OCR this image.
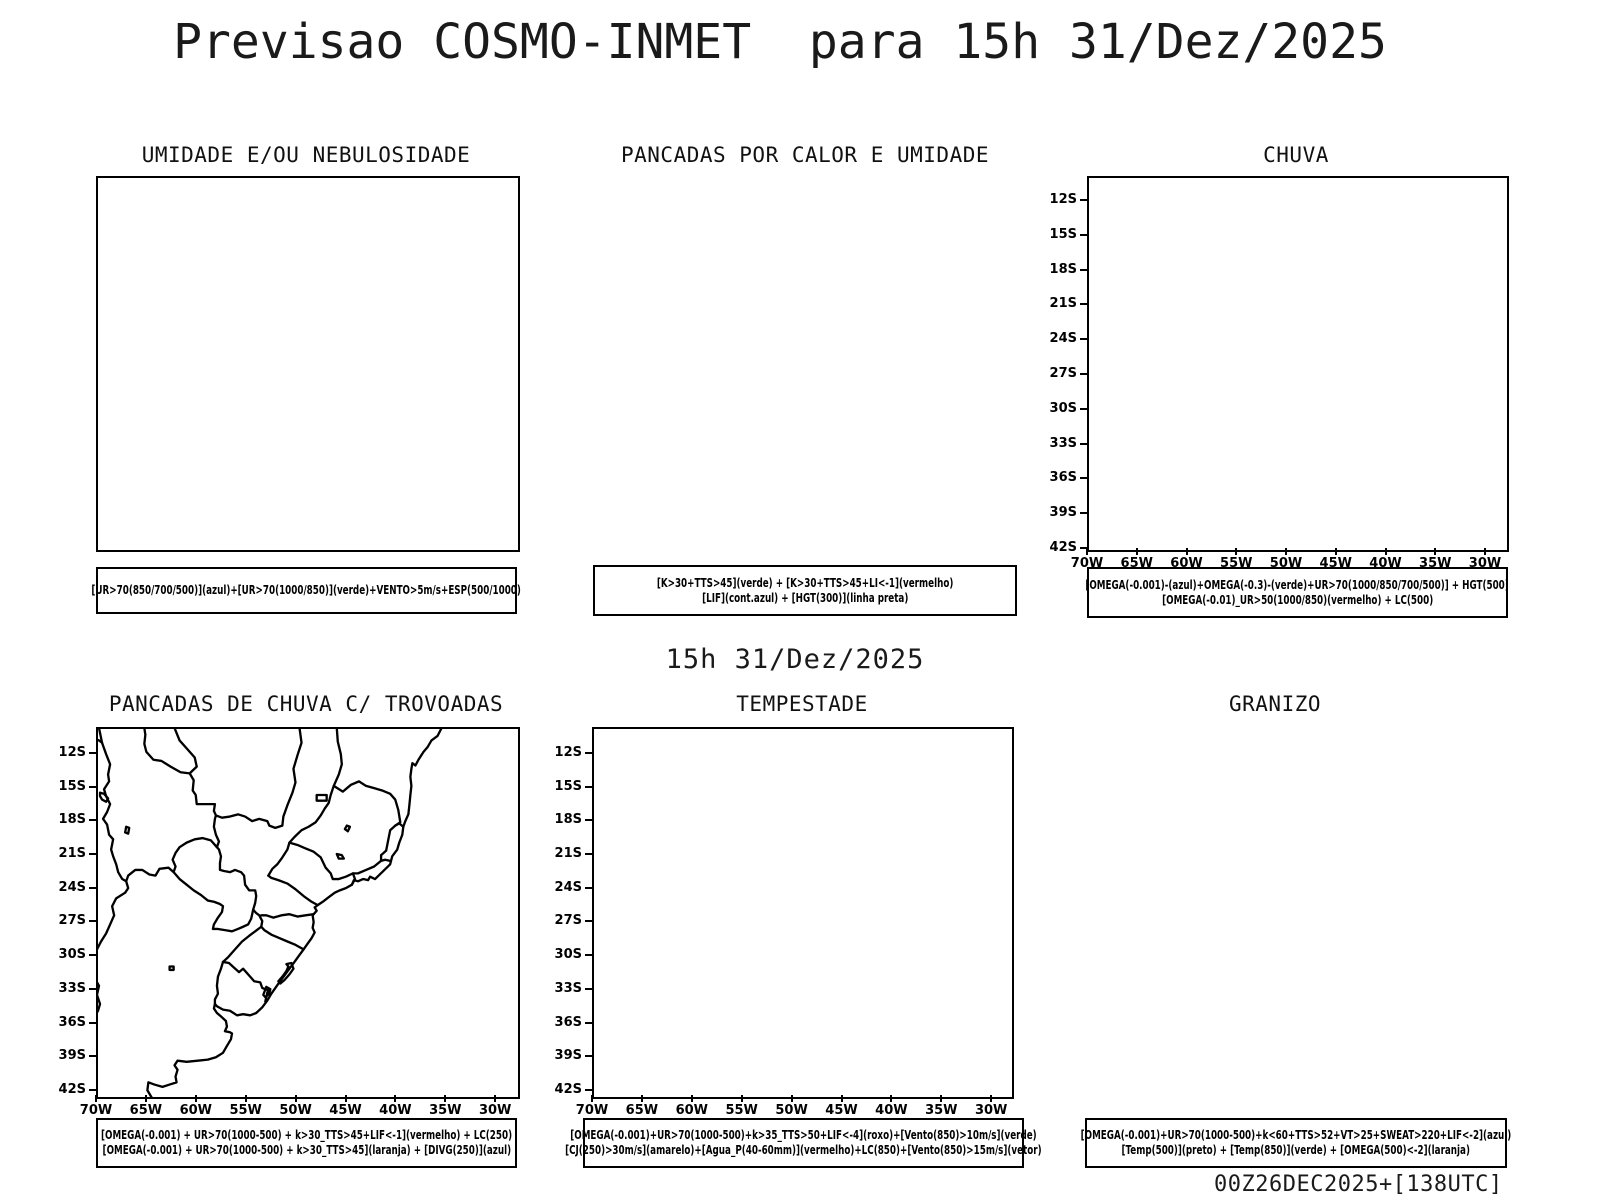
Previsao COSMO-INMET  para 15h 31/Dez/2025
UMIDADE E/OU NEBULOSIDADE	PANCADAS POR CALOR E UMIDADE	CHUVA
[UR>70(850/700/500)](azul)+[UR>70(1000/850)](verde)+VENTO>5m/s+ESP(500/1000)
[K>30+TTS>45](verde) + [K>30+TTS>45+LI<-1](vermelho)
[LIF](cont.azul) + [HGT(300)](linha preta)
[OMEGA(-0.001)-(azul)+OMEGA(-0.3)-(verde)+UR>70(1000/850/700/500)] + HGT(500)
[OMEGA(-0.01)_UR>50(1000/850)(vermelho) + LC(500)
15h 31/Dez/2025
PANCADAS DE CHUVA C/ TROVOADAS	TEMPESTADE	GRANIZO
[OMEGA(-0.001) + UR>70(1000-500) + k>30_TTS>45+LIF<-1](vermelho) + LC(250)
[OMEGA(-0.001) + UR>70(1000-500) + k>30_TTS>45](laranja) + [DIVG(250)](azul)
[OMEGA(-0.001)+UR>70(1000-500)+k>35_TTS>50+LIF<-4](roxo)+[Vento(850)>10m/s](verde)
[CJ(250)>30m/s](amarelo)+[Agua_P(40-60mm)](vermelho)+LC(850)+[Vento(850)>15m/s](vetor)
[OMEGA(-0.001)+UR>70(1000-500)+k<60+TTS>52+VT>25+SWEAT>220+LIF<-2](azul)
[Temp(500)](preto) + [Temp(850)](verde) + [OMEGA(500)<-2](laranja)
00Z26DEC2025+[138UTC]
12S
15S
18S
21S
24S
27S
30S
33S
36S
39S
42S
70W 65W 60W 55W 50W 45W 40W 35W 30W
12S
15S
18S
21S
24S
27S
30S
33S
36S
39S
42S
70W 65W 60W 55W 50W 45W 40W 35W 30W
12S
15S
18S
21S
24S
27S
30S
33S
36S
39S
42S
70W 65W 60W 55W 50W 45W 40W 35W 30W
